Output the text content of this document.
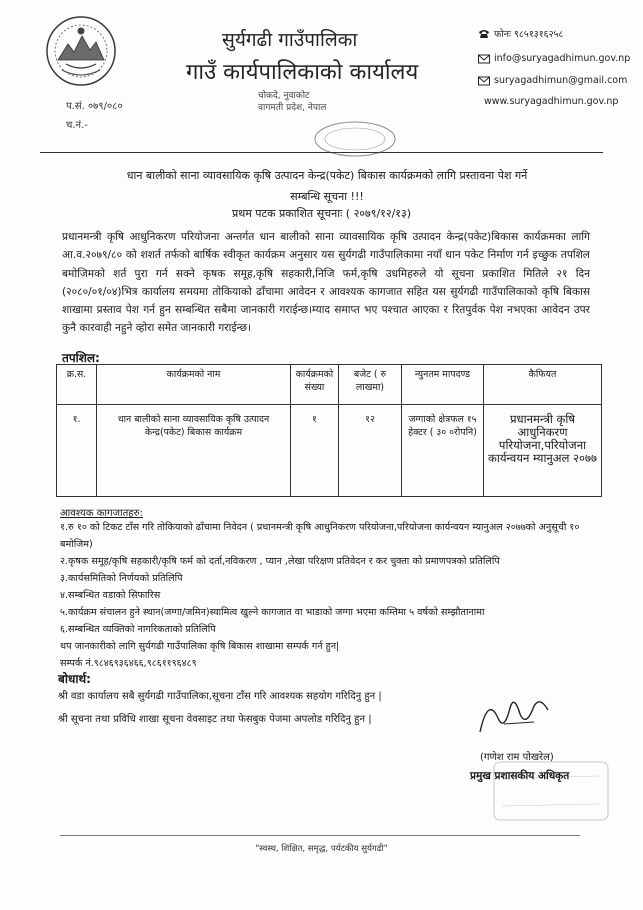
सुर्यगढी गाउँपालिका
गाउँ कार्यपालिकाको कार्यालय
चोकदे, नुवाकोट
वागमती प्रदेश, नेपाल
फोनः ९८५१३१६२५८
info@suryagadhimun.gov.np
suryagadhimun@gmail.com
www.suryagadhimun.gov.np
प.सं. ०७९/०८०
च.नं.-
धान बालीको साना व्यावसायिक कृषि उत्पादन केन्द्र(पकेट) बिकास कार्यक्रमको लागि प्रस्तावना पेश गर्ने
सम्बन्धि सूचना !!!
प्रथम पटक प्रकाशित सूचनाः ( २०७९/१२/१३)
प्रधानमन्त्री कृषि आधुनिकरण परियोजना अन्तर्गत धान बालीको साना व्यावसायिक कृषि उत्पादन केन्द्र(पकेट)बिकास कार्यक्रमका लागि आ.व.२०७९/८० को शशर्त तर्फको बार्षिक स्वीकृत कार्यक्रम अनुसार यस सुर्यगढी गाउँपालिकामा नयाँ धान पकेट निर्माण गर्न इच्छुक तपशिल बमोजिमको शर्त पुरा गर्न सक्ने कृषक समूह,कृषि सहकारी,निजि फर्म,कृषि उधमिहरुले यो सूचना प्रकाशित मितिले २१ दिन (२०८०/०१/०४)भित्र कार्यालय समयमा तोकियाको ढाँचामा आवेदन र आवश्यक कागजात सहित यस सुर्यगढी गाउँपालिकाको कृषि बिकास शाखामा प्रस्ताव पेश गर्न हुन सम्बन्धित सबैमा जानकारी गराईन्छ।म्याद समाप्त भए पश्चात आएका र रितपुर्वक पेश नभएका आवेदन उपर कुनै कारवाही नहुने व्होरा समेत जानकारी गराईन्छ।
तपशिल:
क्र.स.	कार्यक्रमको नाम	कार्यक्रमको संख्या	बजेट ( रु लाखमा)	न्युनतम मापदण्ड	कैफियत
१.	धान बालीको साना व्यावसायिक कृषि उत्पादन केन्द्र(पकेट) बिकास कार्यक्रम	१	१२	जग्गाको क्षेत्रफल १५ हेक्टर ( ३० ०रोपनि)	प्रधानमन्त्री कृषि आधुनिकरण परियोजना,परियोजना कार्यन्वयन म्यानुअल २०७७
आवश्यक कागजातहरु:
१.रु १० को टिकट टाँस गरि तोकियाको ढाँचामा निवेदन ( प्रधानमन्त्री कृषि आधुनिकरण परियोजना,परियोजना कार्यन्वयन म्यानुअल २०७७को अनुसूची १० बमोजिम)
२.कृषक समूह/कृषि सहकारी/कृषि फर्म को दर्ता,नविकरण , प्यान ,लेखा परिक्षण प्रतिवेदन र कर चुक्ता को प्रमाणपत्रको प्रतिलिपि
३.कार्यसमितिको निर्णयको प्रतिलिपि
४.सम्बन्धित वडाको सिफारिस
५.कार्यक्रम संचालन हुने स्थान(जग्गा/जमिन)स्वामित्व खुल्ने कागजात वा भाडाको जग्गा भएमा कम्तिमा ५ वर्षको सम्झौतानामा
६.सम्बन्धित व्यक्तिको नागरिकताको प्रतिलिपि
थप जानकारीको लागि सुर्यगढी गाउँपालिका कृषि बिकास शाखामा सम्पर्क गर्न हुन|
सम्पर्क नं.९८४६९३६४६६,९८६११९६४८९
बोधार्थ:
श्री वडा कार्यालय सबै सुर्यगढी गाउँपालिका,सूचना टाँस गरि आवश्यक सहयोग गरिदिनु हुन |
श्री सूचना तथा प्रविधि शाखा सूचना वेवसाइट तथा फेसबुक पेजमा अपलोड गरिदिनु हुन |
(गणेश राम पोखरेल)
प्रमुख प्रशासकीय अधिकृत
"स्वस्थ, शिक्षित, समृद्ध, पर्यटकीय सुर्यगढी"
